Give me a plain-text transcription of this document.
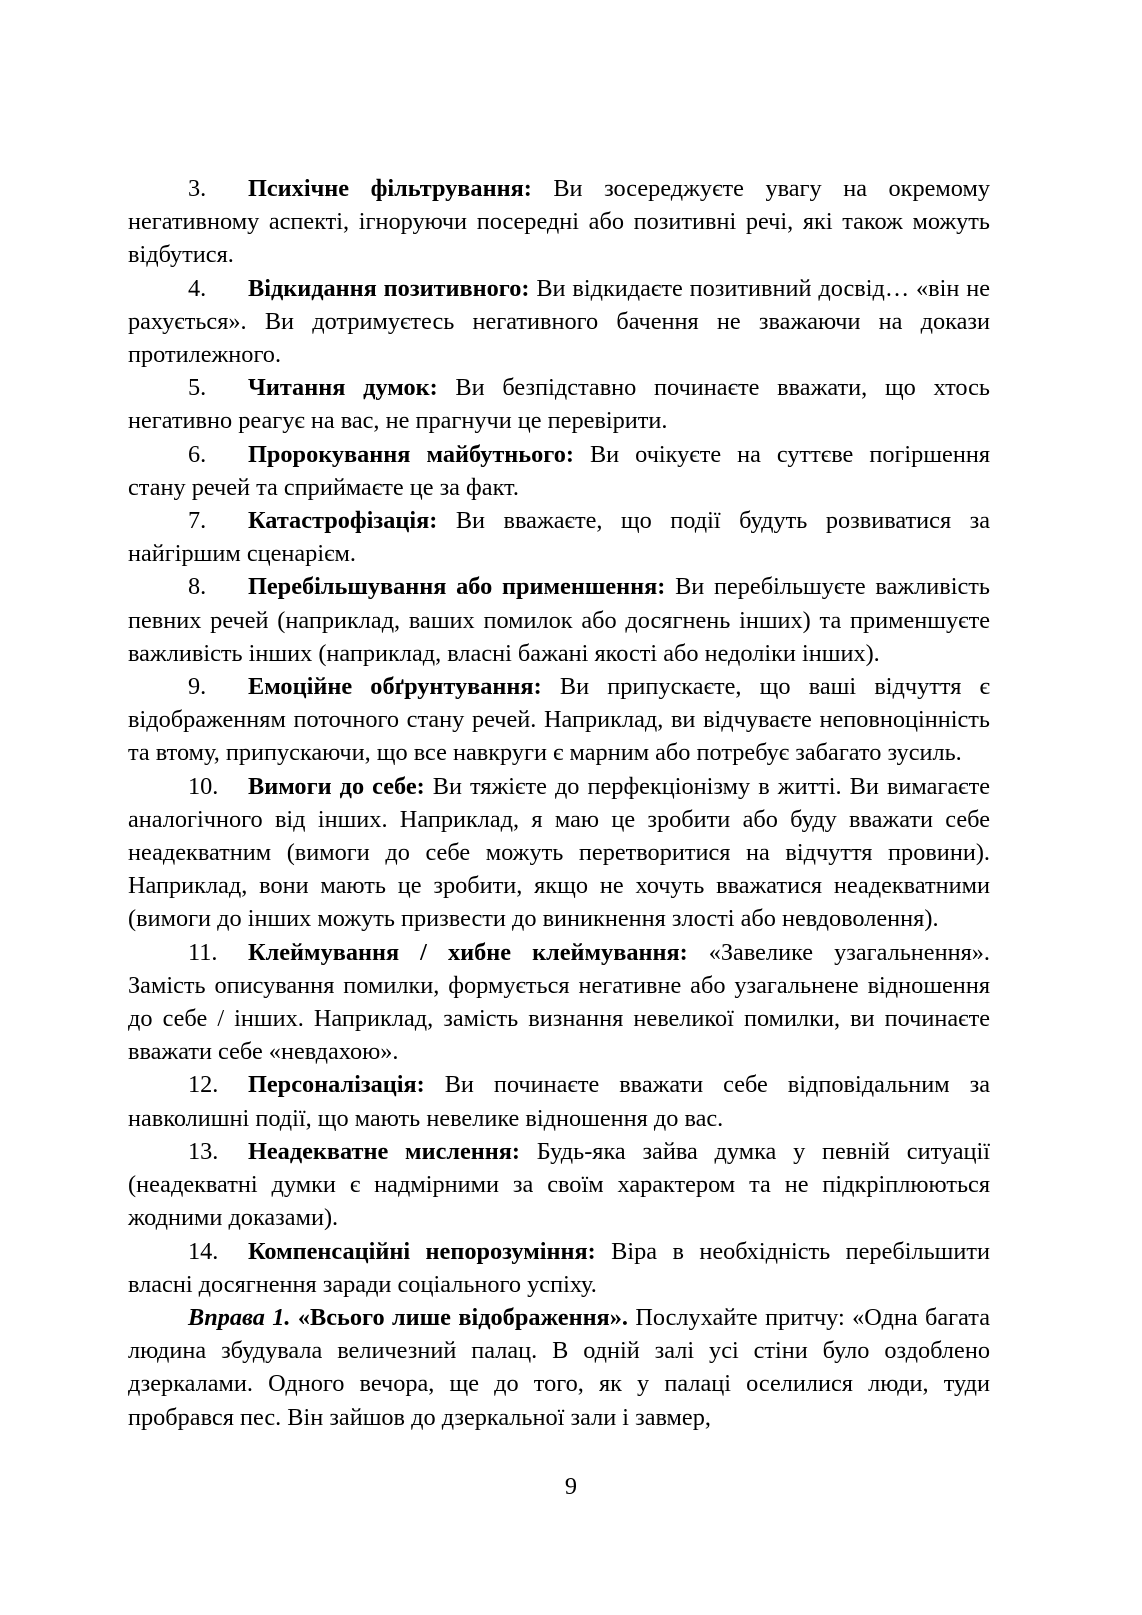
3. Психічне фільтрування: Ви зосереджуєте увагу на окремому негативному аспекті, ігноруючи посередні або позитивні речі, які також можуть відбутися.
4. Відкидання позитивного: Ви відкидаєте позитивний досвід… «він не рахується». Ви дотримуєтесь негативного бачення не зважаючи на докази протилежного.
5. Читання думок: Ви безпідставно починаєте вважати, що хтось негативно реагує на вас, не прагнучи це перевірити.
6. Пророкування майбутнього: Ви очікуєте на суттєве погіршення стану речей та сприймаєте це за факт.
7. Катастрофізація: Ви вважаєте, що події будуть розвиватися за найгіршим сценарієм.
8. Перебільшування або применшення: Ви перебільшуєте важливість певних речей (наприклад, ваших помилок або досягнень інших) та применшуєте важливість інших (наприклад, власні бажані якості або недоліки інших).
9. Емоційне обґрунтування: Ви припускаєте, що ваші відчуття є відображенням поточного стану речей. Наприклад, ви відчуваєте неповноцінність та втому, припускаючи, що все навкруги є марним або потребує забагато зусиль.
10. Вимоги до себе: Ви тяжієте до перфекціонізму в житті. Ви вимагаєте аналогічного від інших. Наприклад, я маю це зробити або буду вважати себе неадекватним (вимоги до себе можуть перетворитися на відчуття провини). Наприклад, вони мають це зробити, якщо не хочуть вважатися неадекватними (вимоги до інших можуть призвести до виникнення злості або невдоволення).
11. Клеймування / хибне клеймування: «Завелике узагальнення». Замість описування помилки, формується негативне або узагальнене відношення до себе / інших. Наприклад, замість визнання невеликої помилки, ви починаєте вважати себе «невдахою».
12. Персоналізація: Ви починаєте вважати себе відповідальним за навколишні події, що мають невелике відношення до вас.
13. Неадекватне мислення: Будь-яка зайва думка у певній ситуації (неадекватні думки є надмірними за своїм характером та не підкріплюються жодними доказами).
14. Компенсаційні непорозуміння: Віра в необхідність перебільшити власні досягнення заради соціального успіху.
Вправа 1. «Всього лише відображення». Послухайте притчу: «Одна багата людина збудувала величезний палац. В одній залі усі стіни було оздоблено дзеркалами. Одного вечора, ще до того, як у палаці оселилися люди, туди пробрався пес. Він зайшов до дзеркальної зали і завмер,
9
